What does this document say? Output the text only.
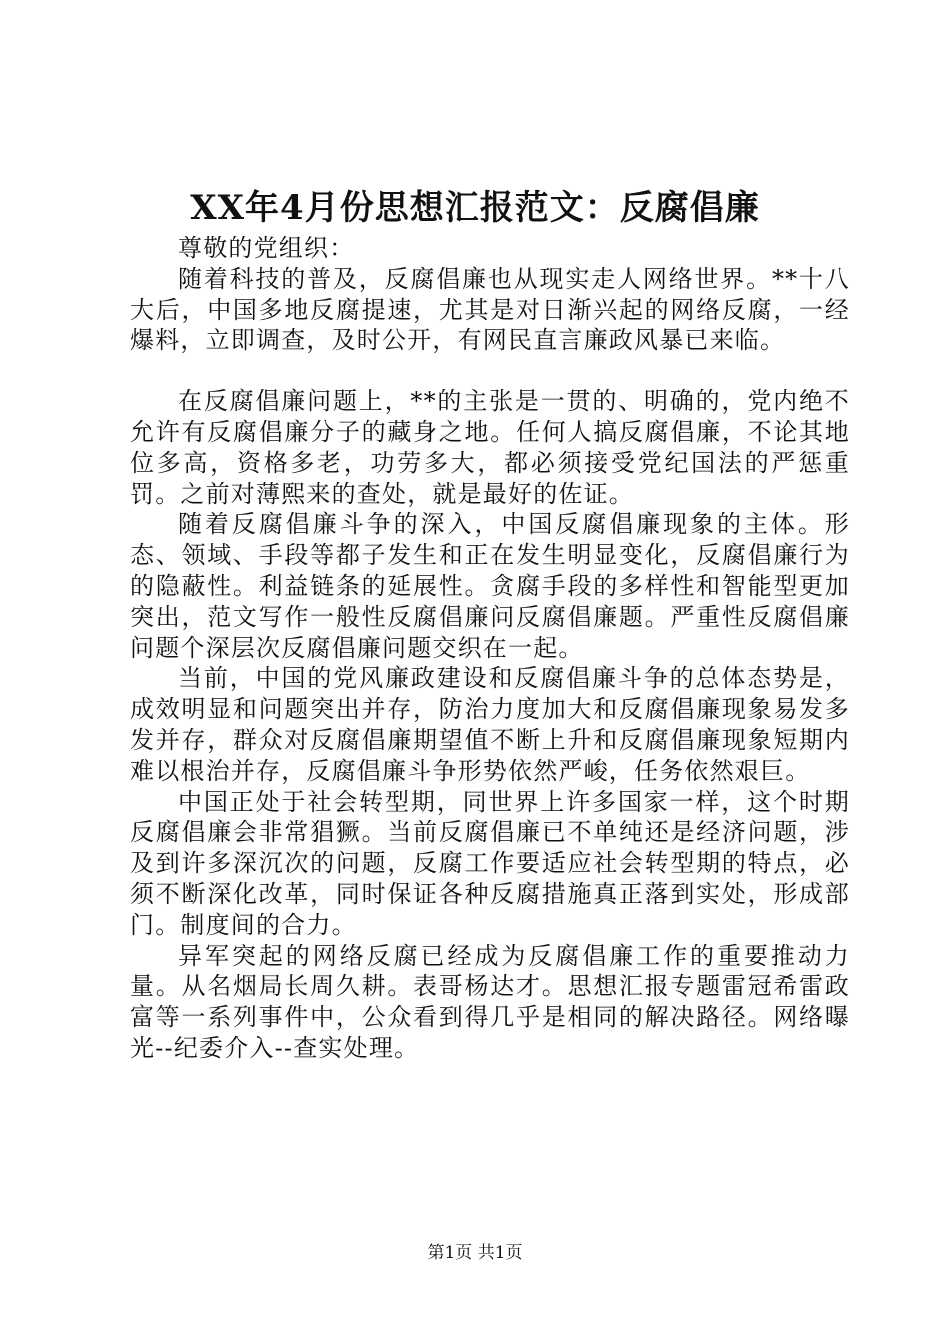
XX年4月份思想汇报范文：反腐倡廉

尊敬的党组织：

随着科技的普及，反腐倡廉也从现实走人网络世界。**十八大后，中国多地反腐提速，尤其是对日渐兴起的网络反腐，一经爆料，立即调查，及时公开，有网民直言廉政风暴已来临。

在反腐倡廉问题上，**的主张是一贯的、明确的，党内绝不允许有反腐倡廉分子的藏身之地。任何人搞反腐倡廉，不论其地位多高，资格多老，功劳多大，都必须接受党纪国法的严惩重罚。之前对薄熙来的查处，就是最好的佐证。

随着反腐倡廉斗争的深入，中国反腐倡廉现象的主体。形态、领域、手段等都子发生和正在发生明显变化，反腐倡廉行为的隐蔽性。利益链条的延展性。贪腐手段的多样性和智能型更加突出，范文写作一般性反腐倡廉问反腐倡廉题。严重性反腐倡廉问题个深层次反腐倡廉问题交织在一起。

当前，中国的党风廉政建设和反腐倡廉斗争的总体态势是，成效明显和问题突出并存，防治力度加大和反腐倡廉现象易发多发并存，群众对反腐倡廉期望值不断上升和反腐倡廉现象短期内难以根治并存，反腐倡廉斗争形势依然严峻，任务依然艰巨。

中国正处于社会转型期，同世界上许多国家一样，这个时期反腐倡廉会非常猖獗。当前反腐倡廉已不单纯还是经济问题，涉及到许多深沉次的问题，反腐工作要适应社会转型期的特点，必须不断深化改革，同时保证各种反腐措施真正落到实处，形成部门。制度间的合力。

异军突起的网络反腐已经成为反腐倡廉工作的重要推动力量。从名烟局长周久耕。表哥杨达才。思想汇报专题雷冠希雷政富等一系列事件中，公众看到得几乎是相同的解决路径。网络曝光--纪委介入--查实处理。

第1页 共1页
